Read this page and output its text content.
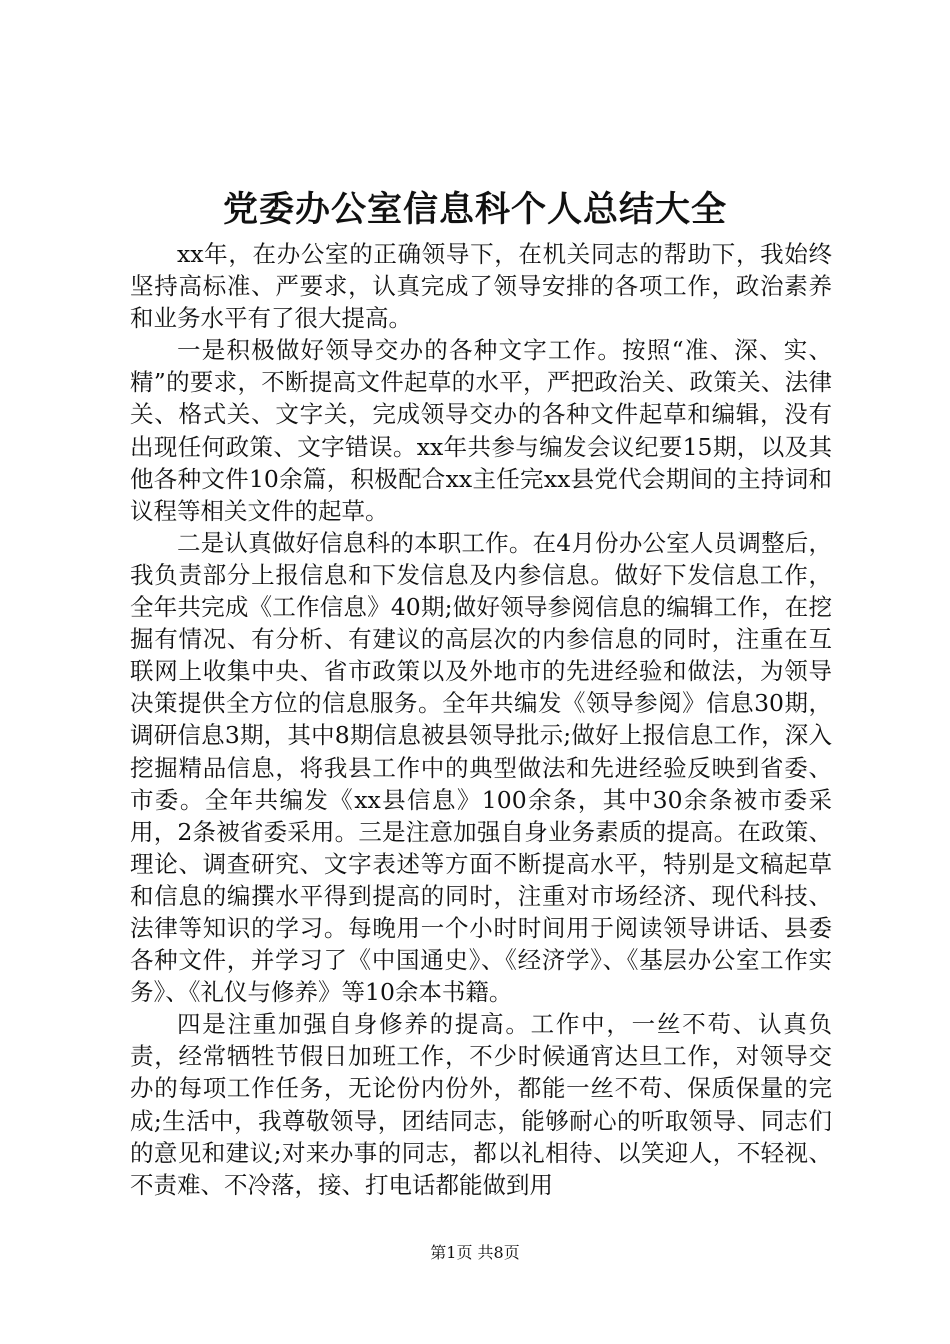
党委办公室信息科个人总结大全

xx年，在办公室的正确领导下，在机关同志的帮助下，我始终坚持高标准、严要求，认真完成了领导安排的各项工作，政治素养和业务水平有了很大提高。

一是积极做好领导交办的各种文字工作。按照“准、深、实、精”的要求，不断提高文件起草的水平，严把政治关、政策关、法律关、格式关、文字关，完成领导交办的各种文件起草和编辑，没有出现任何政策、文字错误。xx年共参与编发会议纪要15期，以及其他各种文件10余篇，积极配合xx主任完xx县党代会期间的主持词和议程等相关文件的起草。

二是认真做好信息科的本职工作。在4月份办公室人员调整后，我负责部分上报信息和下发信息及内参信息。做好下发信息工作，全年共完成《工作信息》40期;做好领导参阅信息的编辑工作，在挖掘有情况、有分析、有建议的高层次的内参信息的同时，注重在互联网上收集中央、省市政策以及外地市的先进经验和做法，为领导决策提供全方位的信息服务。全年共编发《领导参阅》信息30期，调研信息3期，其中8期信息被县领导批示;做好上报信息工作，深入挖掘精品信息，将我县工作中的典型做法和先进经验反映到省委、市委。全年共编发《xx县信息》100余条，其中30余条被市委采用，2条被省委采用。三是注意加强自身业务素质的提高。在政策、理论、调查研究、文字表述等方面不断提高水平，特别是文稿起草和信息的编撰水平得到提高的同时，注重对市场经济、现代科技、法律等知识的学习。每晚用一个小时时间用于阅读领导讲话、县委各种文件，并学习了《中国通史》、《经济学》、《基层办公室工作实务》、《礼仪与修养》等10余本书籍。

四是注重加强自身修养的提高。工作中，一丝不苟、认真负责，经常牺牲节假日加班工作，不少时候通宵达旦工作，对领导交办的每项工作任务，无论份内份外，都能一丝不苟、保质保量的完成;生活中，我尊敬领导，团结同志，能够耐心的听取领导、同志们的意见和建议;对来办事的同志，都以礼相待、以笑迎人，不轻视、不责难、不冷落，接、打电话都能做到用

第1页 共8页
